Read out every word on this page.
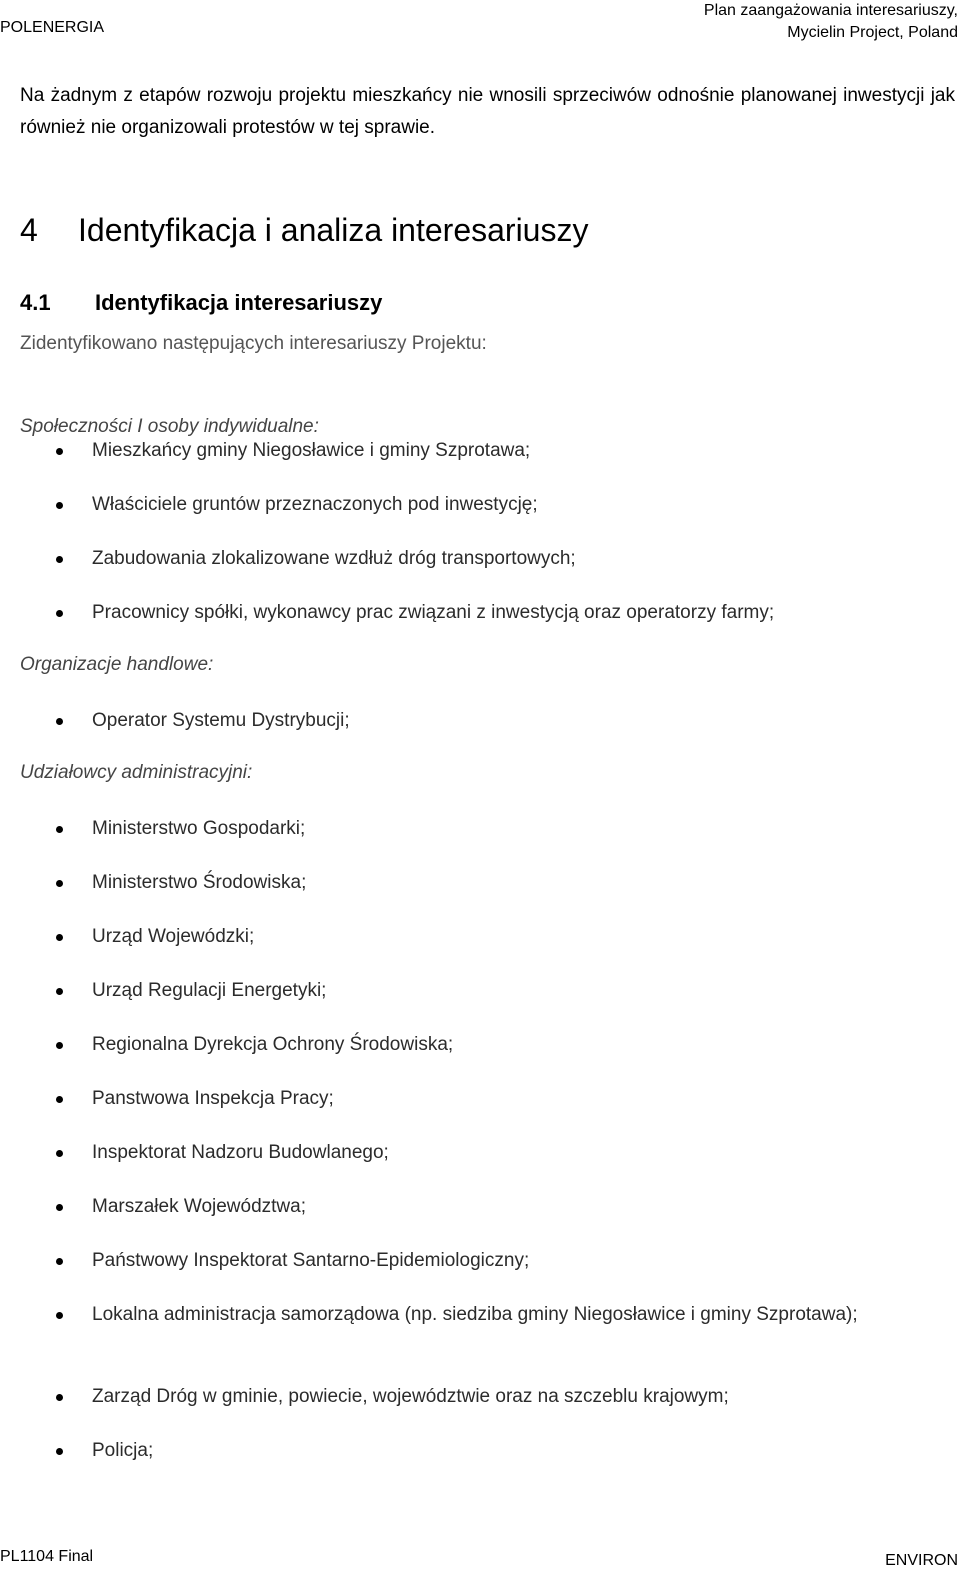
POLENERGIA
Plan zaangażowania interesariuszy,
Mycielin Project, Poland
Na żadnym z etapów rozwoju projektu mieszkańcy nie wnosili sprzeciwów odnośnie planowanej inwestycji jak również nie organizowali protestów w tej sprawie.
4 Identyfikacja i analiza interesariuszy
4.1 Identyfikacja interesariuszy
Zidentyfikowano następujących interesariuszy Projektu:
Społeczności I osoby indywidualne:
Mieszkańcy gminy Niegosławice i gminy Szprotawa;
Właściciele gruntów przeznaczonych pod inwestycję;
Zabudowania zlokalizowane wzdłuż dróg transportowych;
Pracownicy spółki, wykonawcy prac związani z inwestycją oraz operatorzy farmy;
Organizacje handlowe:
Operator Systemu Dystrybucji;
Udziałowcy administracyjni:
Ministerstwo Gospodarki;
Ministerstwo Środowiska;
Urząd Wojewódzki;
Urząd Regulacji Energetyki;
Regionalna Dyrekcja Ochrony Środowiska;
Panstwowa Inspekcja Pracy;
Inspektorat Nadzoru Budowlanego;
Marszałek Województwa;
Państwowy Inspektorat Santarno-Epidemiologiczny;
Lokalna administracja samorządowa (np. siedziba gminy Niegosławice i gminy Szprotawa);
Zarząd Dróg w gminie, powiecie, województwie oraz na szczeblu krajowym;
Policja;
PL1104 Final	ENVIRON
